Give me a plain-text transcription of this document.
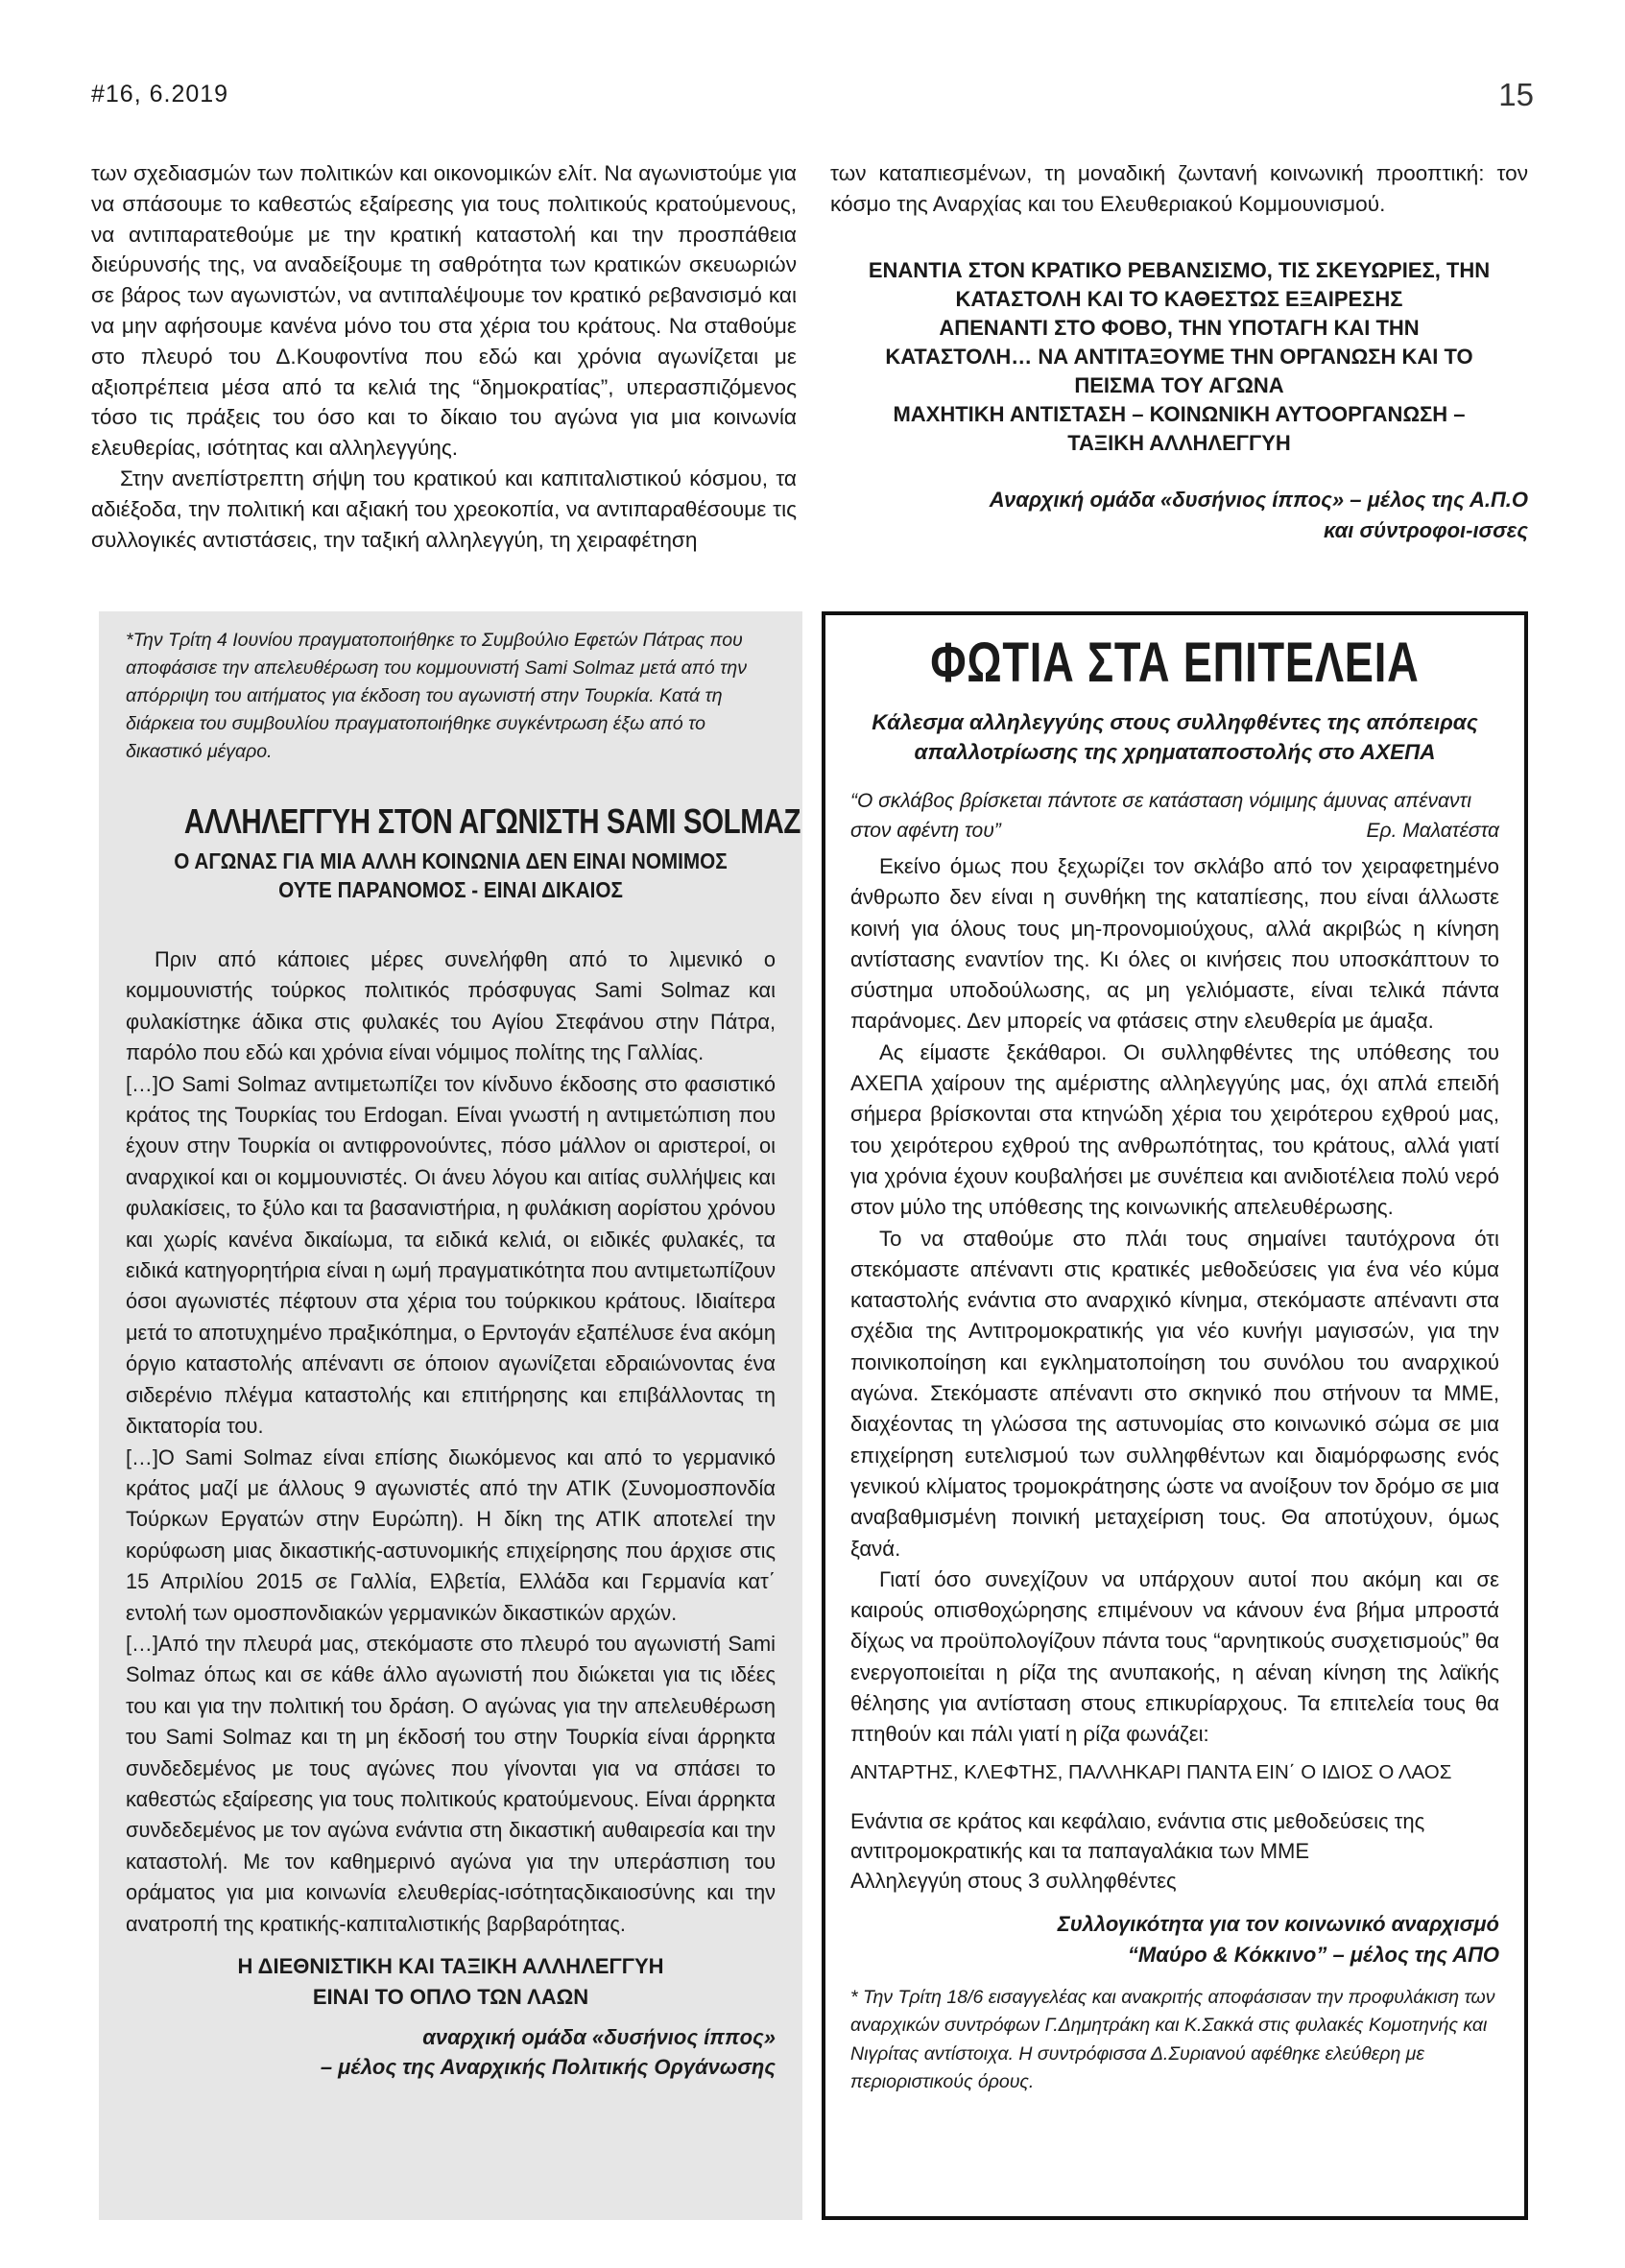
#16, 6.2019	15

των σχεδιασμών των πολιτικών και οικονομικών ελίτ. Να αγωνιστούμε για να σπάσουμε το καθεστώς εξαίρεσης για τους πολιτικούς κρατούμενους, να αντιπαρατεθούμε με την κρατική καταστολή και την προσπάθεια διεύρυνσής της, να αναδείξουμε τη σαθρότητα των κρατικών σκευωριών σε βάρος των αγωνιστών, να αντιπαλέψουμε τον κρατικό ρεβανσισμό και να μην αφήσουμε κανένα μόνο του στα χέρια του κράτους. Να σταθούμε στο πλευρό του Δ.Κουφοντίνα που εδώ και χρόνια αγωνίζεται με αξιοπρέπεια μέσα από τα κελιά της “δημοκρατίας”, υπερασπιζόμενος τόσο τις πράξεις του όσο και το δίκαιο του αγώνα για μια κοινωνία ελευθερίας, ισότητας και αλληλεγγύης.

Στην ανεπίστρεπτη σήψη του κρατικού και καπιταλιστικού κόσμου, τα αδιέξοδα, την πολιτική και αξιακή του χρεοκοπία, να αντιπαραθέσουμε τις συλλογικές αντιστάσεις, την ταξική αλληλεγγύη, τη χειραφέτηση

των καταπιεσμένων, τη μοναδική ζωντανή κοινωνική προοπτική: τον κόσμο της Αναρχίας και του Ελευθεριακού Κομμουνισμού.

ΕΝΑΝΤΙΑ ΣΤΟΝ ΚΡΑΤΙΚΟ ΡΕΒΑΝΣΙΣΜΟ, ΤΙΣ ΣΚΕΥΩΡΙΕΣ, ΤΗΝ
ΚΑΤΑΣΤΟΛΗ ΚΑΙ ΤΟ ΚΑΘΕΣΤΩΣ ΕΞΑΙΡΕΣΗΣ
ΑΠΕΝΑΝΤΙ ΣΤΟ ΦΟΒΟ, ΤΗΝ ΥΠΟΤΑΓΗ ΚΑΙ ΤΗΝ
ΚΑΤΑΣΤΟΛΗ… ΝΑ ΑΝΤΙΤΑΞΟΥΜΕ ΤΗΝ ΟΡΓΑΝΩΣΗ ΚΑΙ ΤΟ
ΠΕΙΣΜΑ ΤΟΥ ΑΓΩΝΑ
ΜΑΧΗΤΙΚΗ ΑΝΤΙΣΤΑΣΗ – ΚΟΙΝΩΝΙΚΗ ΑΥΤΟΟΡΓΑΝΩΣΗ –
ΤΑΞΙΚΗ ΑΛΛΗΛΕΓΓΥΗ
Αναρχική ομάδα «δυσήνιος ίππος» – μέλος της Α.Π.Ο
και σύντροφοι-ισσες

*Την Τρίτη 4 Ιουνίου πραγματοποιήθηκε το Συμβούλιο Εφετών Πάτρας που αποφάσισε την απελευθέρωση του κομμουνιστή Sami Solmaz μετά από την απόρριψη του αιτήματος για έκδοση του αγωνιστή στην Τουρκία. Κατά τη διάρκεια του συμβουλίου πραγματοποιήθηκε συγκέντρωση έξω από το δικαστικό μέγαρο.

ΑΛΛΗΛΕΓΓΥΗ ΣΤΟΝ ΑΓΩΝΙΣΤΗ SAMI SOLMAZ
Ο ΑΓΩΝΑΣ ΓΙΑ ΜΙΑ ΑΛΛΗ ΚΟΙΝΩΝΙΑ ΔΕΝ ΕΙΝΑΙ ΝΟΜΙΜΟΣ
ΟΥΤΕ ΠΑΡΑΝΟΜΟΣ - ΕΙΝΑΙ ΔΙΚΑΙΟΣ

Πριν από κάποιες μέρες συνελήφθη από το λιμενικό ο κομμουνιστής τούρκος πολιτικός πρόσφυγας Sami Solmaz και φυλακίστηκε άδικα στις φυλακές του Αγίου Στεφάνου στην Πάτρα, παρόλο που εδώ και χρόνια είναι νόμιμος πολίτης της Γαλλίας.

[…]Ο Sami Solmaz αντιμετωπίζει τον κίνδυνο έκδοσης στο φασιστικό κράτος της Τουρκίας του Erdogan. Είναι γνωστή η αντιμετώπιση που έχουν στην Τουρκία οι αντιφρονούντες, πόσο μάλλον οι αριστεροί, οι αναρχικοί και οι κομμουνιστές. Οι άνευ λόγου και αιτίας συλλήψεις και φυλακίσεις, το ξύλο και τα βασανιστήρια, η φυλάκιση αορίστου χρόνου και χωρίς κανένα δικαίωμα, τα ειδικά κελιά, οι ειδικές φυλακές, τα ειδικά κατηγορητήρια είναι η ωμή πραγματικότητα που αντιμετωπίζουν όσοι αγωνιστές πέφτουν στα χέρια του τούρκικου κράτους. Ιδιαίτερα μετά το αποτυχημένο πραξικόπημα, ο Ερντογάν εξαπέλυσε ένα ακόμη όργιο καταστολής απέναντι σε όποιον αγωνίζεται εδραιώνοντας ένα σιδερένιο πλέγμα καταστολής και επιτήρησης και επιβάλλοντας τη δικτατορία του.

[…]Ο Sami Solmaz είναι επίσης διωκόμενος και από το γερμανικό κράτος μαζί με άλλους 9 αγωνιστές από την ΑΤΙΚ (Συνομοσπονδία Τούρκων Εργατών στην Ευρώπη). Η δίκη της ΑΤΙΚ αποτελεί την κορύφωση μιας δικαστικής-αστυνομικής επιχείρησης που άρχισε στις 15 Απριλίου 2015 σε Γαλλία, Ελβετία, Ελλάδα και Γερμανία κατ΄ εντολή των ομοσπονδιακών γερμανικών δικαστικών αρχών.

[…]Από την πλευρά μας, στεκόμαστε στο πλευρό του αγωνιστή Sami Solmaz όπως και σε κάθε άλλο αγωνιστή που διώκεται για τις ιδέες του και για την πολιτική του δράση. Ο αγώνας για την απελευθέρωση του Sami Solmaz και τη μη έκδοσή του στην Τουρκία είναι άρρηκτα συνδεδεμένος με τους αγώνες που γίνονται για να σπάσει το καθεστώς εξαίρεσης για τους πολιτικούς κρατούμενους. Είναι άρρηκτα συνδεδεμένος με τον αγώνα ενάντια στη δικαστική αυθαιρεσία και την καταστολή. Με τον καθημερινό αγώνα για την υπεράσπιση του οράματος για μια κοινωνία ελευθερίας-ισότηταςδικαιοσύνης και την ανατροπή της κρατικής-καπιταλιστικής βαρβαρότητας.

Η ΔΙΕΘΝΙΣΤΙΚΗ ΚΑΙ ΤΑΞΙΚΗ ΑΛΛΗΛΕΓΓΥΗ
ΕΙΝΑΙ ΤΟ ΟΠΛΟ ΤΩΝ ΛΑΩΝ
αναρχική ομάδα «δυσήνιος ίππος»
– μέλος της Αναρχικής Πολιτικής Οργάνωσης
ΦΩΤΙΑ ΣΤΑ ΕΠΙΤΕΛΕΙΑ
Κάλεσμα αλληλεγγύης στους συλληφθέντες της απόπειρας απαλλοτρίωσης της χρηματαποστολής στο ΑΧΕΠΑ
“Ο σκλάβος βρίσκεται πάντοτε σε κατάσταση νόμιμης άμυνας απέναντι στον αφέντη του”	Ερ. Μαλατέστα

Εκείνο όμως που ξεχωρίζει τον σκλάβο από τον χειραφετημένο άνθρωπο δεν είναι η συνθήκη της καταπίεσης, που είναι άλλωστε κοινή για όλους τους μη-προνομιούχους, αλλά ακριβώς η κίνηση αντίστασης εναντίον της. Κι όλες οι κινήσεις που υποσκάπτουν το σύστημα υποδούλωσης, ας μη γελιόμαστε, είναι τελικά πάντα παράνομες. Δεν μπορείς να φτάσεις στην ελευθερία με άμαξα.

Ας είμαστε ξεκάθαροι. Οι συλληφθέντες της υπόθεσης του ΑΧΕΠΑ χαίρουν της αμέριστης αλληλεγγύης μας, όχι απλά επειδή σήμερα βρίσκονται στα κτηνώδη χέρια του χειρότερου εχθρού μας, του χειρότερου εχθρού της ανθρωπότητας, του κράτους, αλλά γιατί για χρόνια έχουν κουβαλήσει με συνέπεια και ανιδιοτέλεια πολύ νερό στον μύλο της υπόθεσης της κοινωνικής απελευθέρωσης.

Το να σταθούμε στο πλάι τους σημαίνει ταυτόχρονα ότι στεκόμαστε απέναντι στις κρατικές μεθοδεύσεις για ένα νέο κύμα καταστολής ενάντια στο αναρχικό κίνημα, στεκόμαστε απέναντι στα σχέδια της Αντιτρομοκρατικής για νέο κυνήγι μαγισσών, για την ποινικοποίηση και εγκληματοποίηση του συνόλου του αναρχικού αγώνα. Στεκόμαστε απέναντι στο σκηνικό που στήνουν τα ΜΜΕ, διαχέοντας τη γλώσσα της αστυνομίας στο κοινωνικό σώμα σε μια επιχείρηση ευτελισμού των συλληφθέντων και διαμόρφωσης ενός γενικού κλίματος τρομοκράτησης ώστε να ανοίξουν τον δρόμο σε μια αναβαθμισμένη ποινική μεταχείριση τους. Θα αποτύχουν, όμως ξανά.

Γιατί όσο συνεχίζουν να υπάρχουν αυτοί που ακόμη και σε καιρούς οπισθοχώρησης επιμένουν να κάνουν ένα βήμα μπροστά δίχως να προϋπολογίζουν πάντα τους “αρνητικούς συσχετισμούς” θα ενεργοποιείται η ρίζα της ανυπακοής, η αέναη κίνηση της λαϊκής θέλησης για αντίσταση στους επικυρίαρχους. Τα επιτελεία τους θα πτηθούν και πάλι γιατί η ρίζα φωνάζει:

ΑΝΤΑΡΤΗΣ, ΚΛΕΦΤΗΣ, ΠΑΛΛΗΚΑΡΙ ΠΑΝΤΑ ΕΙΝ΄ Ο ΙΔΙΟΣ Ο ΛΑΟΣ

Ενάντια σε κράτος και κεφάλαιο, ενάντια στις μεθοδεύσεις της αντιτρομοκρατικής και τα παπαγαλάκια των ΜΜΕ
Αλληλεγγύη στους 3 συλληφθέντες

Συλλογικότητα για τον κοινωνικό αναρχισμό
“Μαύρο & Κόκκινο” – μέλος της ΑΠΟ
* Την Τρίτη 18/6 εισαγγελέας και ανακριτής αποφάσισαν την προφυλάκιση των αναρχικών συντρόφων Γ.Δημητράκη και Κ.Σακκά στις φυλακές Κομοτηνής και Νιγρίτας αντίστοιχα. Η συντρόφισσα Δ.Συριανού αφέθηκε ελεύθερη με περιοριστικούς όρους.
